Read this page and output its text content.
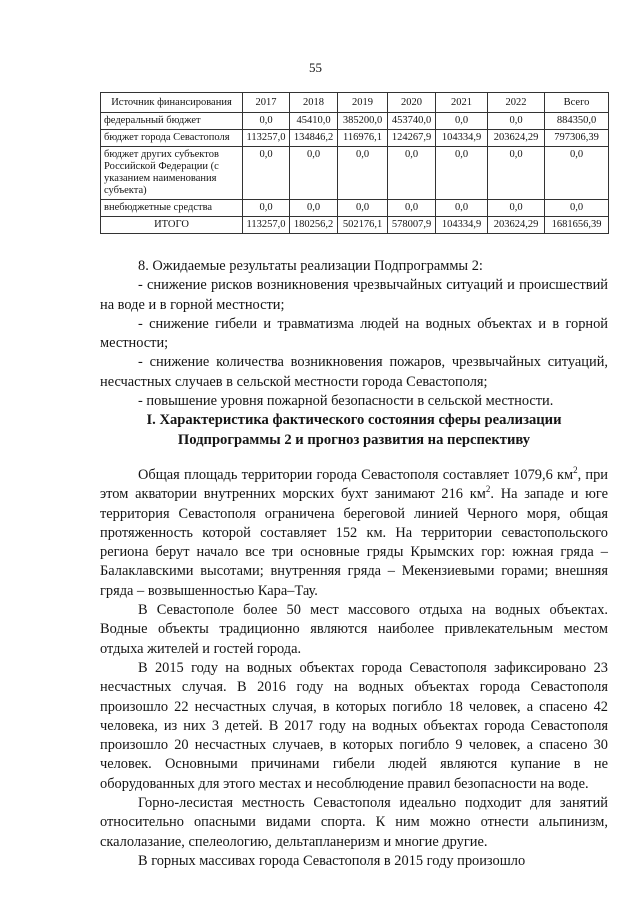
55
Источник финансирования	2017	2018	2019	2020	2021	2022	Всего
федеральный бюджет	0,0	45410,0	385200,0	453740,0	0,0	0,0	884350,0
бюджет города Севастополя	113257,0	134846,2	116976,1	124267,9	104334,9	203624,29	797306,39
бюджет других субъектов Российской Федерации (с указанием наименования субъекта)	0,0	0,0	0,0	0,0	0,0	0,0	0,0
внебюджетные средства	0,0	0,0	0,0	0,0	0,0	0,0	0,0
ИТОГО	113257,0	180256,2	502176,1	578007,9	104334,9	203624,29	1681656,39

8. Ожидаемые результаты реализации Подпрограммы 2:

- снижение рисков возникновения чрезвычайных ситуаций и происшествий на воде и в горной местности;

- снижение гибели и травматизма людей на водных объектах и в горной местности;

- снижение количества возникновения пожаров, чрезвычайных ситуаций, несчастных случаев в сельской местности города Севастополя;

- повышение уровня пожарной безопасности в сельской местности.

I. Характеристика фактического состояния сферы реализации
Подпрограммы 2 и прогноз развития на перспективу

Общая площадь территории города Севастополя составляет 1079,6 $км^2$, при этом акватории внутренних морских бухт занимают 216 $км^2$. На западе и юге территория Севастополя ограничена береговой линией Черного моря, общая протяженность которой составляет 152 км. На территории севастопольского региона берут начало все три основные гряды Крымских гор: южная гряда – Балаклавскими высотами; внутренняя гряда – Мекензиевыми горами; внешняя гряда – возвышенностью Кара–Тау.

В Севастополе более 50 мест массового отдыха на водных объектах. Водные объекты традиционно являются наиболее привлекательным местом отдыха жителей и гостей города.

В 2015 году на водных объектах города Севастополя зафиксировано 23 несчастных случая. В 2016 году на водных объектах города Севастополя произошло 22 несчастных случая, в которых погибло 18 человек, а спасено 42 человека, из них 3 детей. В 2017 году на водных объектах города Севастополя произошло 20 несчастных случаев, в которых погибло 9 человек, а спасено 30 человек. Основными причинами гибели людей являются купание в не оборудованных для этого местах и несоблюдение правил безопасности на воде.

Горно-лесистая местность Севастополя идеально подходит для занятий относительно опасными видами спорта. К ним можно отнести альпинизм, скалолазание, спелеологию, дельтапланеризм и многие другие.

В горных массивах города Севастополя в 2015 году произошло
